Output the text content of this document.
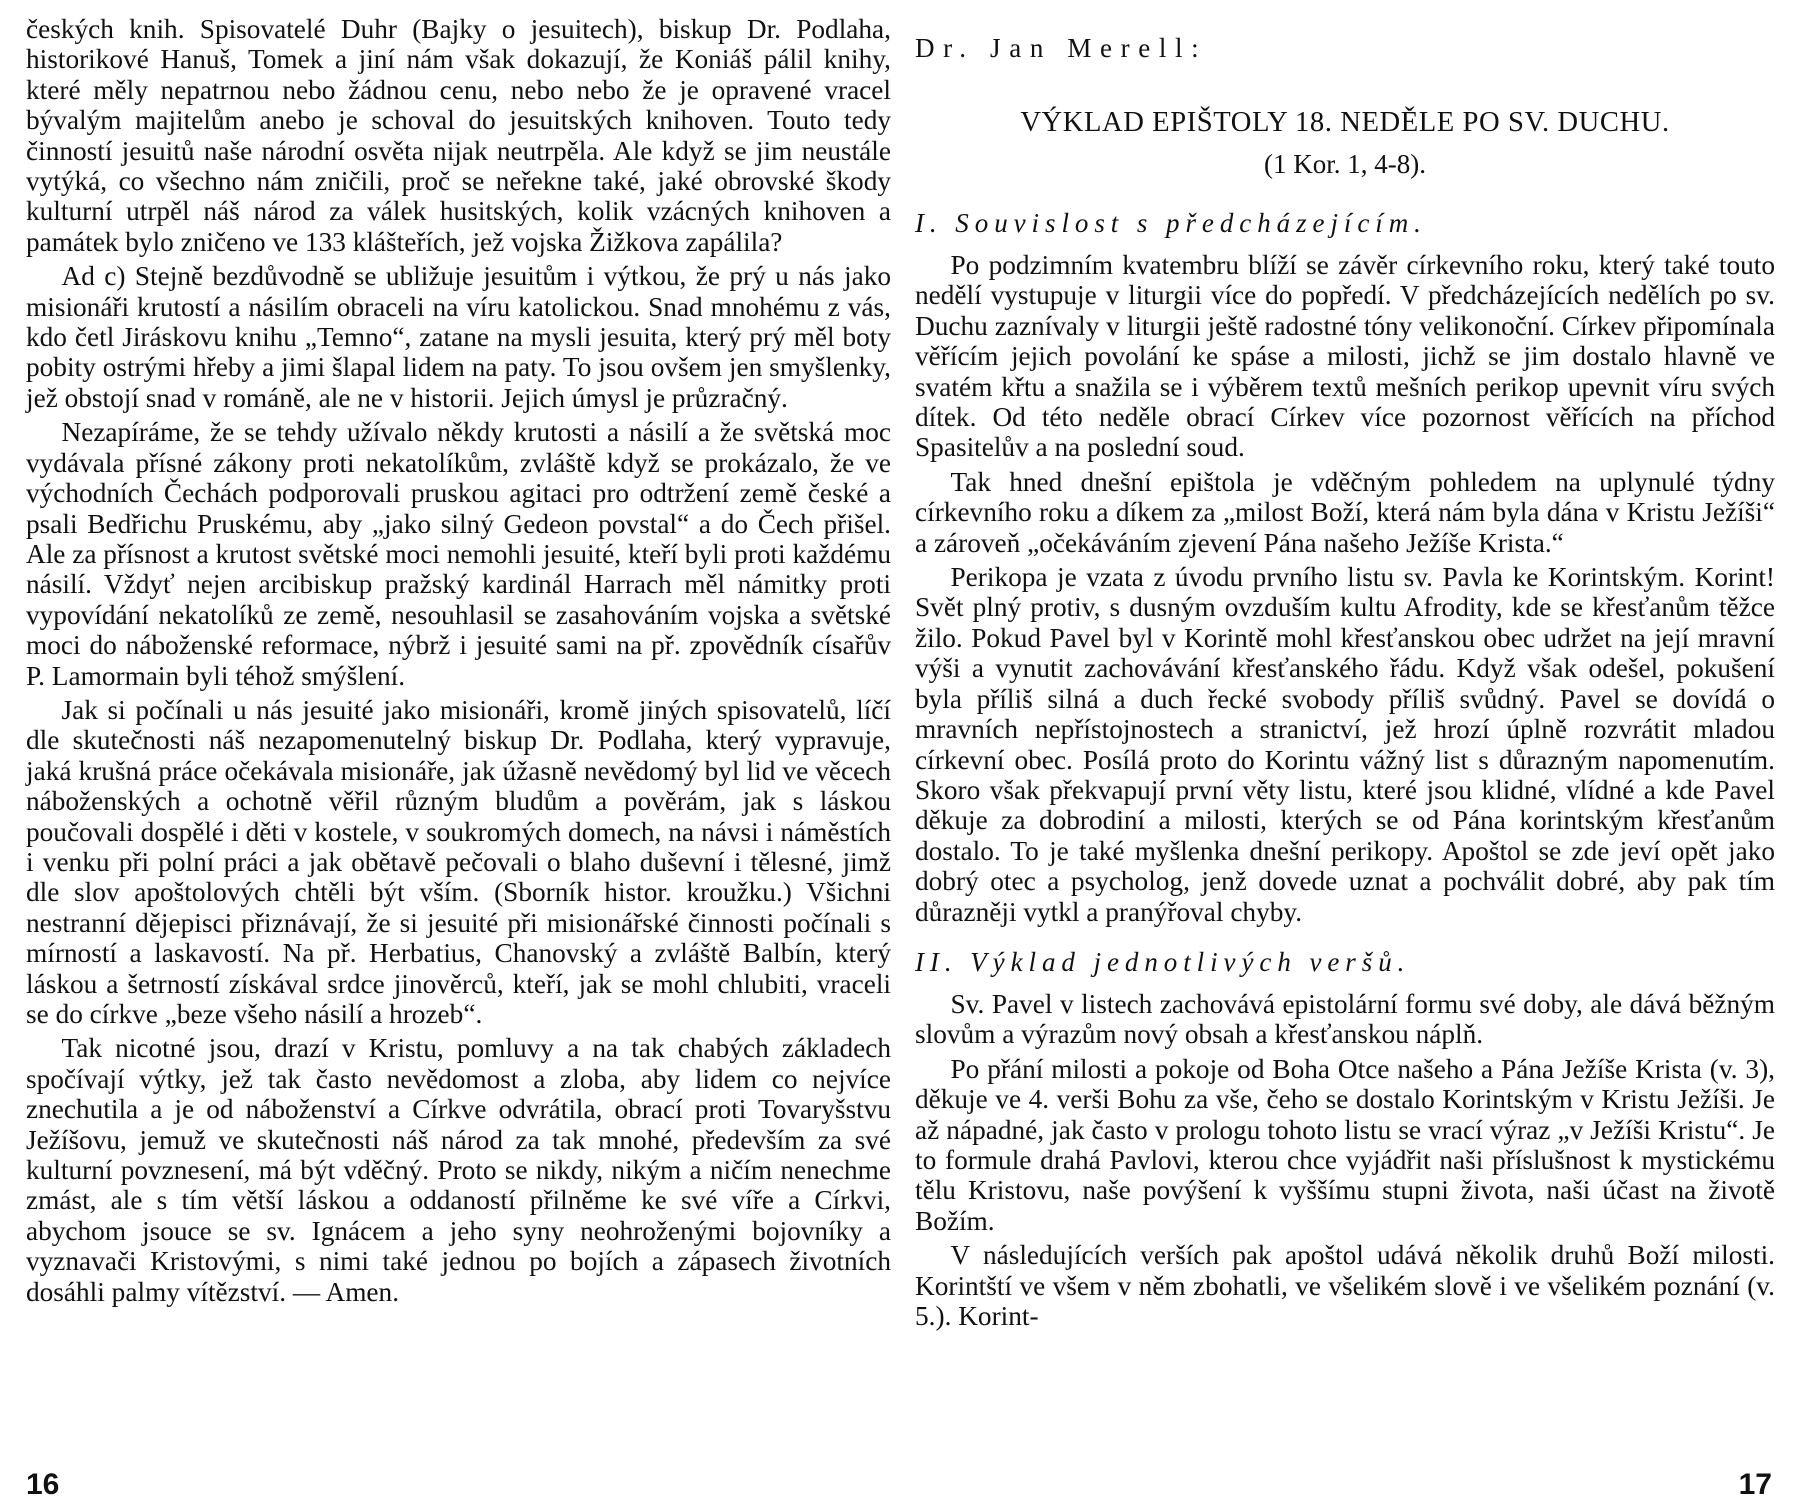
českých knih. Spisovatelé Duhr (Bajky o jesuitech), biskup Dr. Podlaha, historikové Hanuš, Tomek a jiní nám však dokazují, že Koniáš pálil knihy, které měly nepatrnou nebo žádnou cenu, nebo nebo že je opravené vracel bývalým majitelům anebo je schoval do jesuitských knihoven. Touto tedy činností jesuitů naše národní osvěta nijak neutrpěla. Ale když se jim neustále vytýká, co všechno nám zničili, proč se neřekne také, jaké obrovské škody kulturní utrpěl náš národ za válek husitských, kolik vzácných knihoven a památek bylo zničeno ve 133 klášteřích, jež vojska Žižkova zapálila?

Ad c) Stejně bezdůvodně se ubližuje jesuitům i výtkou, že prý u nás jako misionáři krutostí a násilím obraceli na víru katolickou. Snad mnohému z vás, kdo četl Jiráskovu knihu „Temno“, zatane na mysli jesuita, který prý měl boty pobity ostrými hřeby a jimi šlapal lidem na paty. To jsou ovšem jen smyšlenky, jež obstojí snad v románě, ale ne v historii. Jejich úmysl je průzračný.

Nezapíráme, že se tehdy užívalo někdy krutosti a násilí a že světská moc vydávala přísné zákony proti nekatolíkům, zvláště když se prokázalo, že ve východních Čechách podporovali pruskou agitaci pro odtržení země české a psali Bedřichu Pruskému, aby „jako silný Gedeon povstal“ a do Čech přišel. Ale za přísnost a krutost světské moci nemohli jesuité, kteří byli proti každému násilí. Vždyť nejen arcibiskup pražský kardinál Harrach měl námitky proti vypovídání nekatolíků ze země, nesouhlasil se zasahováním vojska a světské moci do náboženské reformace, nýbrž i jesuité sami na př. zpovědník císařův P. Lamormain byli téhož smýšlení.

Jak si počínali u nás jesuité jako misionáři, kromě jiných spisovatelů, líčí dle skutečnosti náš nezapomenutelný biskup Dr. Podlaha, který vypravuje, jaká krušná práce očekávala misionáře, jak úžasně nevědomý byl lid ve věcech náboženských a ochotně věřil různým bludům a pověrám, jak s láskou poučovali dospělé i děti v kostele, v soukromých domech, na návsi i náměstích i venku při polní práci a jak obětavě pečovali o blaho duševní i tělesné, jimž dle slov apoštolových chtěli být vším. (Sborník histor. kroužku.) Všichni nestranní dějepisci přiznávají, že si jesuité při misionářské činnosti počínali s mírností a laskavostí. Na př. Herbatius, Chanovský a zvláště Balbín, který láskou a šetrností získával srdce jinověrců, kteří, jak se mohl chlubiti, vraceli se do církve „beze všeho násilí a hrozeb“.

Tak nicotné jsou, drazí v Kristu, pomluvy a na tak chabých základech spočívají výtky, jež tak často nevědomost a zloba, aby lidem co nejvíce znechutila a je od náboženství a Církve odvrátila, obrací proti Tovaryšstvu Ježíšovu, jemuž ve skutečnosti náš národ za tak mnohé, především za své kulturní povznesení, má být vděčný. Proto se nikdy, nikým a ničím nenechme zmást, ale s tím větší láskou a oddaností přilněme ke své víře a Církvi, abychom jsouce se sv. Ignácem a jeho syny neohroženými bojovníky a vyznavači Kristovými, s nimi také jednou po bojích a zápasech životních dosáhli palmy vítězství. — Amen.

16
Dr. Jan Merell:
VÝKLAD EPIŠTOLY 18. NEDĚLE PO SV. DUCHU.
(1 Kor. 1, 4-8).
I. Souvislost s předcházejícím.

Po podzimním kvatembru blíží se závěr církevního roku, který také touto nedělí vystupuje v liturgii více do popředí. V předcházejících nedělích po sv. Duchu zaznívaly v liturgii ještě radostné tóny velikonoční. Církev připomínala věřícím jejich povolání ke spáse a milosti, jichž se jim dostalo hlavně ve svatém křtu a snažila se i výběrem textů mešních perikop upevnit víru svých dítek. Od této neděle obrací Církev více pozornost věřících na příchod Spasitelův a na poslední soud.

Tak hned dnešní epištola je vděčným pohledem na uplynulé týdny církevního roku a díkem za „milost Boží, která nám byla dána v Kristu Ježíši“ a zároveň „očekáváním zjevení Pána našeho Ježíše Krista.“

Perikopa je vzata z úvodu prvního listu sv. Pavla ke Korintským. Korint! Svět plný protiv, s dusným ovzduším kultu Afrodity, kde se křesťanům těžce žilo. Pokud Pavel byl v Korintě mohl křesťanskou obec udržet na její mravní výši a vynutit zachovávání křesťanského řádu. Když však odešel, pokušení byla příliš silná a duch řecké svobody příliš svůdný. Pavel se dovídá o mravních nepřístojnostech a stranictví, jež hrozí úplně rozvrátit mladou církevní obec. Posílá proto do Korintu vážný list s důrazným napomenutím. Skoro však překvapují první věty listu, které jsou klidné, vlídné a kde Pavel děkuje za dobrodiní a milosti, kterých se od Pána korintským křesťanům dostalo. To je také myšlenka dnešní perikopy. Apoštol se zde jeví opět jako dobrý otec a psycholog, jenž dovede uznat a pochválit dobré, aby pak tím důrazněji vytkl a pranýřoval chyby.

II. Výklad jednotlivých veršů.

Sv. Pavel v listech zachovává epistolární formu své doby, ale dává běžným slovům a výrazům nový obsah a křesťanskou náplň.

Po přání milosti a pokoje od Boha Otce našeho a Pána Ježíše Krista (v. 3), děkuje ve 4. verši Bohu za vše, čeho se dostalo Korintským v Kristu Ježíši. Je až nápadné, jak často v prologu tohoto listu se vrací výraz „v Ježíši Kristu“. Je to formule drahá Pavlovi, kterou chce vyjádřit naši příslušnost k mystickému tělu Kristovu, naše povýšení k vyššímu stupni života, naši účast na životě Božím.

V následujících verších pak apoštol udává několik druhů Boží milosti. Korintští ve všem v něm zbohatli, ve všelikém slově i ve všelikém poznání (v. 5.). Korint-

17
